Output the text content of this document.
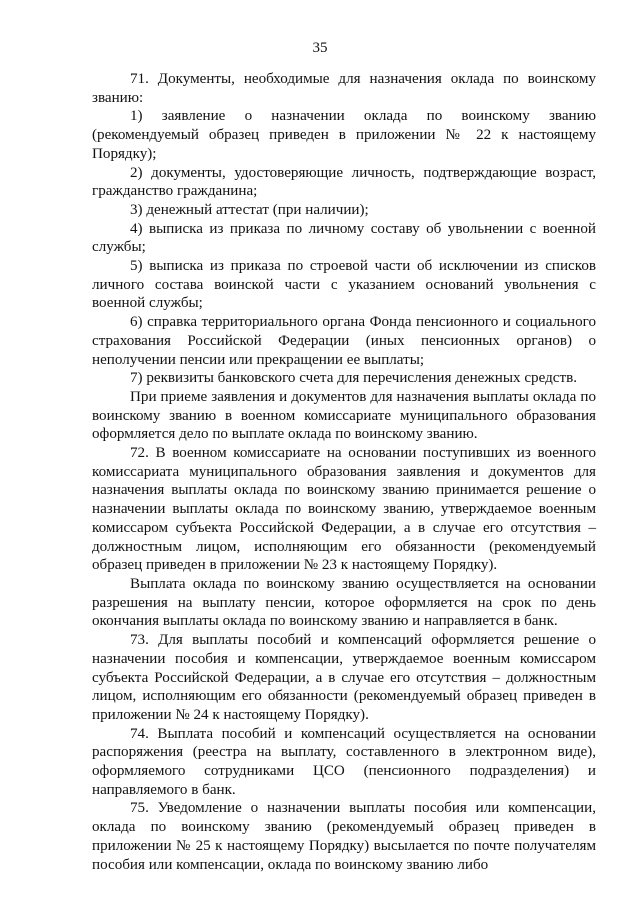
35

71. Документы, необходимые для назначения оклада по воинскому званию:

1) заявление о назначении оклада по воинскому званию (рекомендуемый образец приведен в приложении № 22 к настоящему Порядку);

2) документы, удостоверяющие личность, подтверждающие возраст, гражданство гражданина;

3) денежный аттестат (при наличии);

4) выписка из приказа по личному составу об увольнении с военной службы;

5) выписка из приказа по строевой части об исключении из списков личного состава воинской части с указанием оснований увольнения с военной службы;

6) справка территориального органа Фонда пенсионного и социального страхования Российской Федерации (иных пенсионных органов) о неполучении пенсии или прекращении ее выплаты;

7) реквизиты банковского счета для перечисления денежных средств.

При приеме заявления и документов для назначения выплаты оклада по воинскому званию в военном комиссариате муниципального образования оформляется дело по выплате оклада по воинскому званию.

72. В военном комиссариате на основании поступивших из военного комиссариата муниципального образования заявления и документов для назначения выплаты оклада по воинскому званию принимается решение о назначении выплаты оклада по воинскому званию, утверждаемое военным комиссаром субъекта Российской Федерации, а в случае его отсутствия – должностным лицом, исполняющим его обязанности (рекомендуемый образец приведен в приложении № 23 к настоящему Порядку).

Выплата оклада по воинскому званию осуществляется на основании разрешения на выплату пенсии, которое оформляется на срок по день окончания выплаты оклада по воинскому званию и направляется в банк.

73. Для выплаты пособий и компенсаций оформляется решение о назначении пособия и компенсации, утверждаемое военным комиссаром субъекта Российской Федерации, а в случае его отсутствия – должностным лицом, исполняющим его обязанности (рекомендуемый образец приведен в приложении № 24 к настоящему Порядку).

74. Выплата пособий и компенсаций осуществляется на основании распоряжения (реестра на выплату, составленного в электронном виде), оформляемого сотрудниками ЦСО (пенсионного подразделения) и направляемого в банк.

75. Уведомление о назначении выплаты пособия или компенсации, оклада по воинскому званию (рекомендуемый образец приведен в приложении № 25 к настоящему Порядку) высылается по почте получателям пособия или компенсации, оклада по воинскому званию либо
